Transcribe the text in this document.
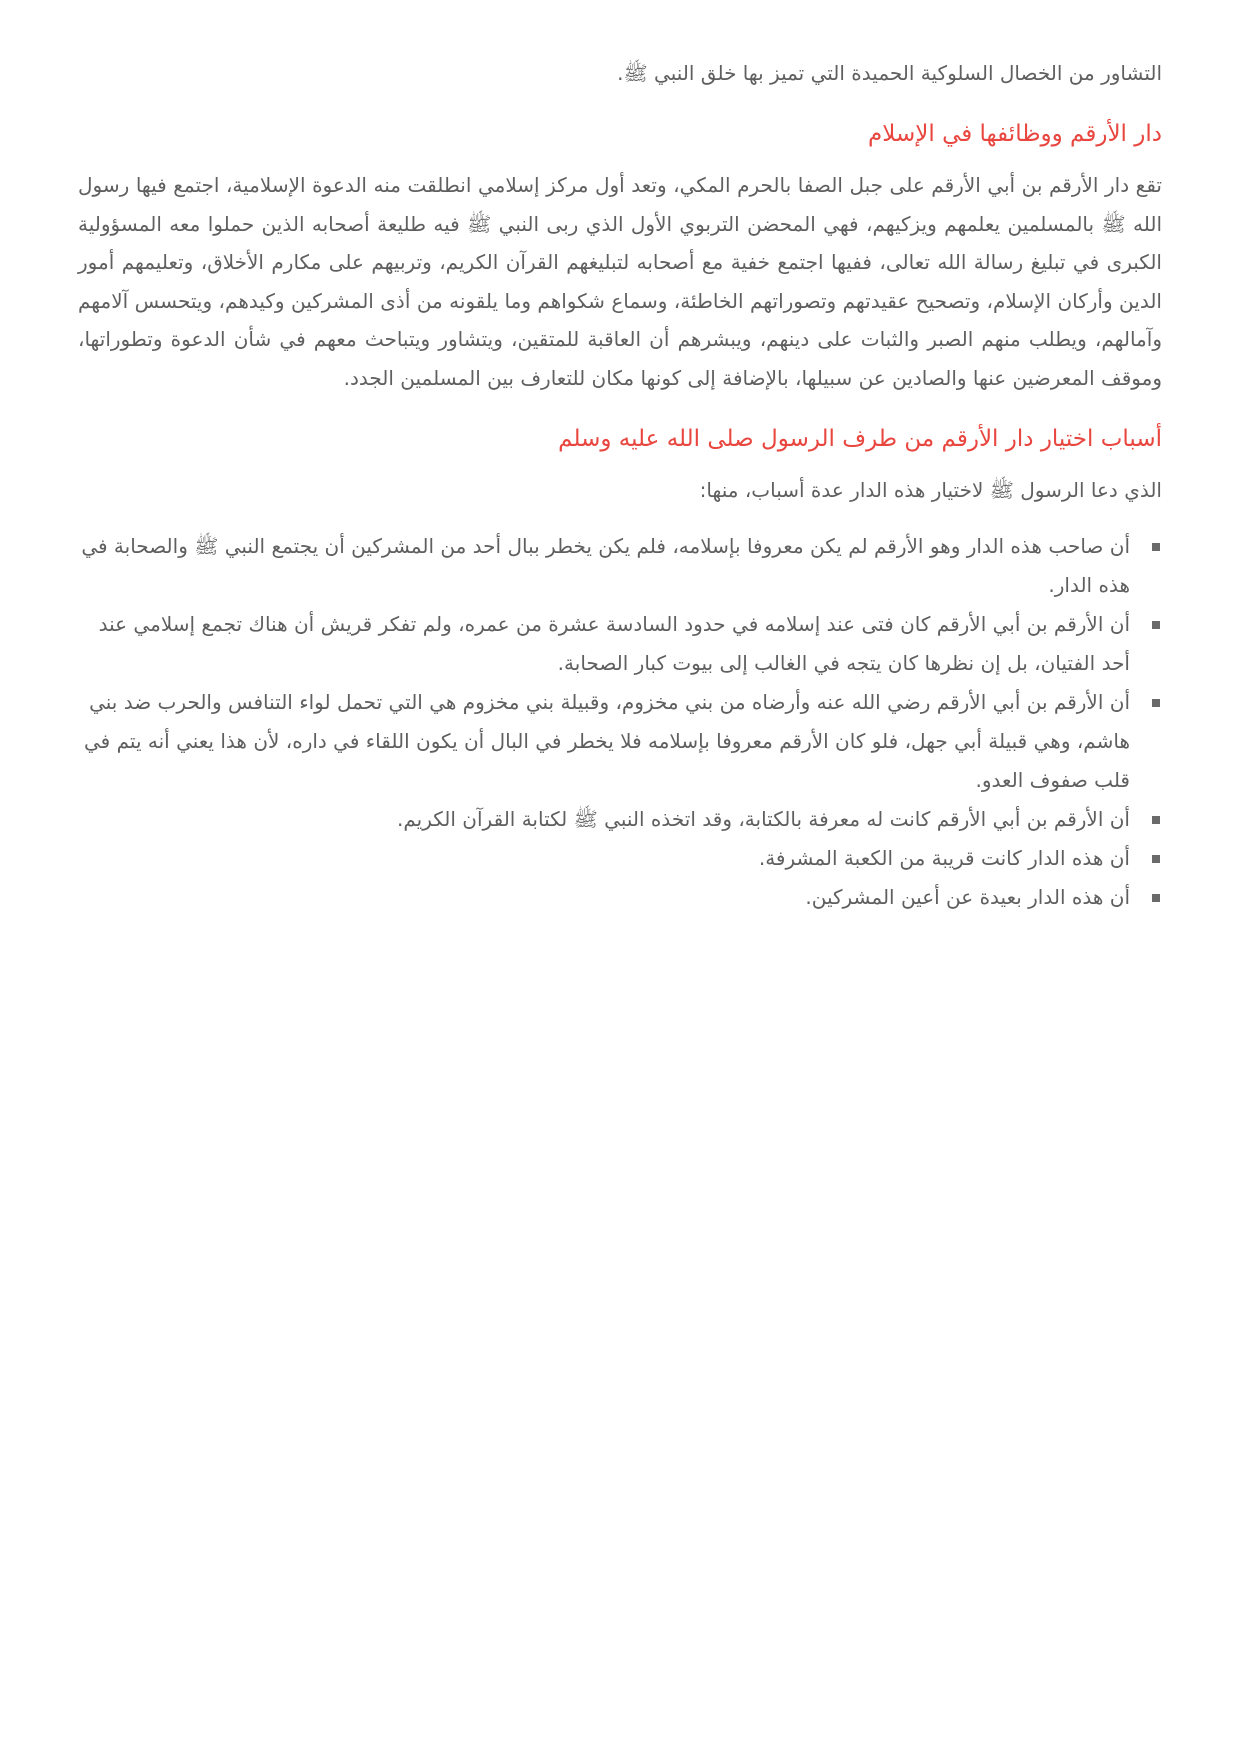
التشاور من الخصال السلوكية الحميدة التي تميز بها خلق النبي ﷺ.

دار الأرقم ووظائفها في الإسلام

تقع دار الأرقم بن أبي الأرقم على جبل الصفا بالحرم المكي، وتعد أول مركز إسلامي انطلقت منه الدعوة الإسلامية، اجتمع فيها رسول الله ﷺ بالمسلمين يعلمهم ويزكيهم، فهي المحضن التربوي الأول الذي ربى النبي ﷺ فيه طليعة أصحابه الذين حملوا معه المسؤولية الكبرى في تبليغ رسالة الله تعالى، ففيها اجتمع خفية مع أصحابه لتبليغهم القرآن الكريم، وتربيهم على مكارم الأخلاق، وتعليمهم أمور الدين وأركان الإسلام، وتصحيح عقيدتهم وتصوراتهم الخاطئة، وسماع شكواهم وما يلقونه من أذى المشركين وكيدهم، ويتحسس آلامهم وآمالهم، ويطلب منهم الصبر والثبات على دينهم، ويبشرهم أن العاقبة للمتقين، ويتشاور ويتباحث معهم في شأن الدعوة وتطوراتها، وموقف المعرضين عنها والصادين عن سبيلها، بالإضافة إلى كونها مكان للتعارف بين المسلمين الجدد.

أسباب اختيار دار الأرقم من طرف الرسول صلى الله عليه وسلم

الذي دعا الرسول ﷺ لاختيار هذه الدار عدة أسباب، منها:

أن صاحب هذه الدار وهو الأرقم لم يكن معروفا بإسلامه، فلم يكن يخطر ببال أحد من المشركين أن يجتمع النبي ﷺ والصحابة في هذه الدار.
أن الأرقم بن أبي الأرقم كان فتى عند إسلامه في حدود السادسة عشرة من عمره، ولم تفكر قريش أن هناك تجمع إسلامي عند أحد الفتيان، بل إن نظرها كان يتجه في الغالب إلى بيوت كبار الصحابة.
أن الأرقم بن أبي الأرقم رضي الله عنه وأرضاه من بني مخزوم، وقبيلة بني مخزوم هي التي تحمل لواء التنافس والحرب ضد بني هاشم، وهي قبيلة أبي جهل، فلو كان الأرقم معروفا بإسلامه فلا يخطر في البال أن يكون اللقاء في داره، لأن هذا يعني أنه يتم في قلب صفوف العدو.
أن الأرقم بن أبي الأرقم كانت له معرفة بالكتابة، وقد اتخذه النبي ﷺ لكتابة القرآن الكريم.
أن هذه الدار كانت قريبة من الكعبة المشرفة.
أن هذه الدار بعيدة عن أعين المشركين.
